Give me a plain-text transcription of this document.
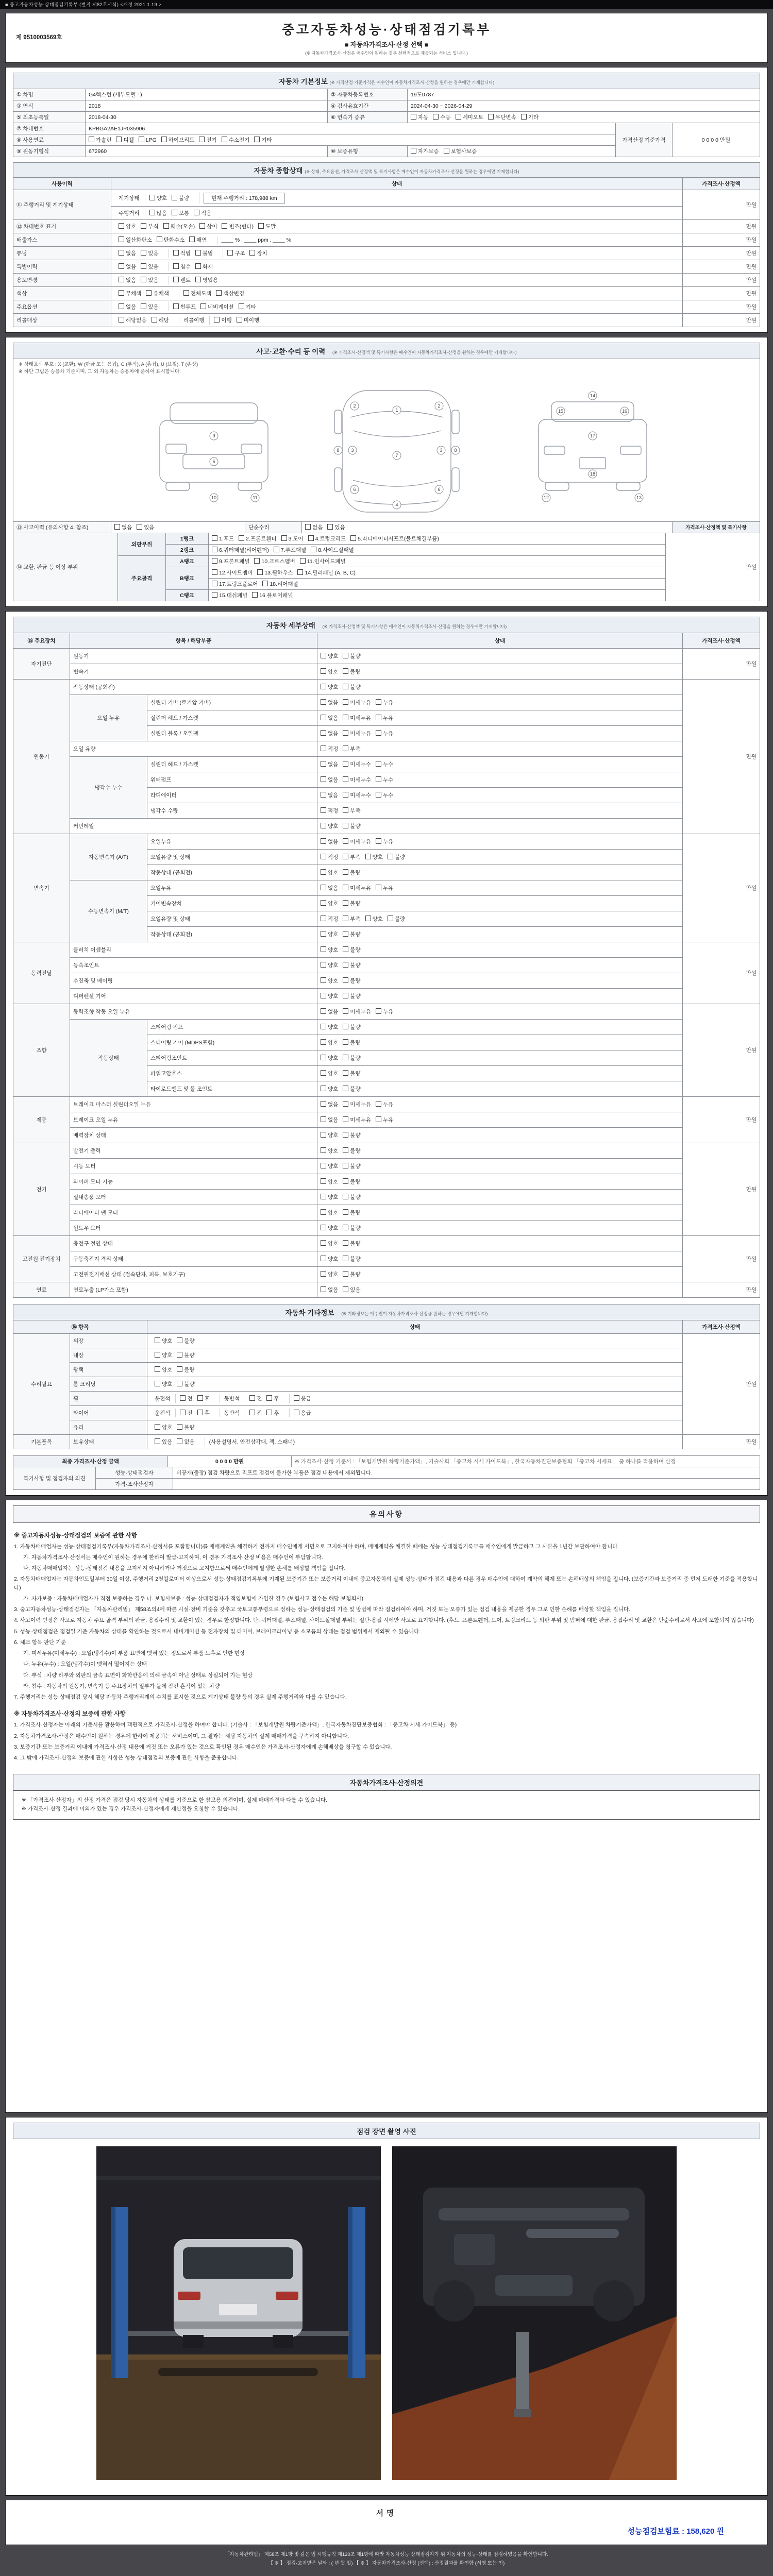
■ 중고자동차성능·상태점검기록부 (별지 제82호서식) <개정 2021.1.19.>
제 9510003569호
중고자동차성능·상태점검기록부
■ 자동차가격조사·산정 선택 ■
(※ 자동차가격조사·산정은 매수인이 원하는 경우 선택적으로 제공되는 서비스 입니다.)
자동차 기본정보 (※ 가격산정 기준가격은 매수인이 자동차가격조사·산정을 원하는 경우에만 기재합니다)					
① 차명	G4렉스턴 (세부모델 : )	② 자동차등록번호	19도0787		
③ 연식	2018	④ 검사유효기간	2024-04-30 ~ 2026-04-29		
⑤ 최초등록일	2018-04-30	⑥ 변속기 종류	자동 수동 세미오토 무단변속 기타		
⑦ 차대번호	KPBGA2AE1JP035906			가격산정 기준가격	0 0 0 0 만원
⑧ 사용연료	가솔린 디젤 LPG 하이브리드 전기 수소전기 기타				
⑨ 원동기형식	672960	⑩ 보증유형	자가보증 보험사보증		
자동차 종합상태 (※ 상태, 주요옵션, 가격조사·산정액 및 특기사항은 매수인이 자동차가격조사·산정을 원하는 경우에만 기재합니다)		
사용이력	상태	가격조사·산정액
⑪ 주행거리 및 계기상태	계기상태 양호 불량 현재 주행거리 : 178,988 km	만원
	주행거리 많음 보통 적음	
⑫ 차대번호 표기	양호 부식 훼손(오손) 상이 변조(변타) 도말	만원
배출가스	일산화탄소 탄화수소 매연 ____ % , ____ ppm , ____ %	만원
튜닝	없음 있음 적법 불법 구조 장치	만원
특별이력	없음 있음 침수 화재	만원
용도변경	없음 있음 렌트 영업용	만원
색상	무채색 유채색 전체도색 색상변경	만원
주요옵션	없음 있음 썬루프 네비게이션 기타	만원
리콜대상	해당없음 해당 리콜이행 이행 미이행	만원
사고·교환·수리 등 이력 (※ 가격조사·산정액 및 특기사항은 매수인이 자동차가격조사·산정을 원하는 경우에만 기재합니다)
※ 상태표시 부호 : X (교환), W (판금 또는 용접), C (부식), A (흠집), U (요철), T (손상)
※ 하단 그림은 승용차 기준이며, 그 외 자동차는 승용차에 준하여 표시합니다.
5
9
10	11
1
2	2
3	3
4
6	6
7
8	8
12	13
14
15	16
17
18
⑬ 사고이력 (유의사항 4. 참조)	없음 있음	단순수리	없음 있음	가격조사·산정액 및 특기사항
⑭ 교환, 판금 등 이상 부위	외판부위	1랭크	1.후드 2.프론트휀더 3.도어 4.트렁크리드 5.라디에이터서포트(볼트체결부품)	만원
		2랭크	6.쿼터패널(리어휀더) 7.루프패널 8.사이드실패널	
	주요골격	A랭크	9.프론트패널 10.크로스멤버 11.인사이드패널	
		B랭크	12.사이드멤버 13.휠하우스 14.필러패널 (A, B, C)	
			17.트렁크플로어 18.리어패널	
		C랭크	15.대쉬패널 16.플로어패널	
자동차 세부상태 (※ 가격조사·산정액 및 특기사항은 매수인이 자동차가격조사·산정을 원하는 경우에만 기재합니다)
⑮ 주요장치	항목 / 해당부품		상태	가격조사·산정액
자기진단	원동기		양호 불량	만원
	변속기		양호 불량	
원동기	작동상태 (공회전)		양호 불량	만원
	오일 누유	실린더 커버 (로커암 커버)	없음 미세누유 누유	
		실린더 헤드 / 가스켓	없음 미세누유 누유	
		실린더 블록 / 오일팬	없음 미세누유 누유	
	오일 유량		적정 부족	
	냉각수 누수	실린더 헤드 / 가스켓	없음 미세누수 누수	
		워터펌프	없음 미세누수 누수	
		라디에이터	없음 미세누수 누수	
		냉각수 수량	적정 부족	
	커먼레일		양호 불량	
변속기	자동변속기 (A/T)	오일누유	없음 미세누유 누유	만원
		오일유량 및 상태	적정 부족 양호 불량	
		작동상태 (공회전)	양호 불량	
	수동변속기 (M/T)	오일누유	없음 미세누유 누유	
		기어변속장치	양호 불량	
		오일유량 및 상태	적정 부족 양호 불량	
		작동상태 (공회전)	양호 불량	
동력전달	클러치 어셈블리		양호 불량	만원
	등속조인트		양호 불량	
	추진축 및 베어링		양호 불량	
	디퍼렌셜 기어		양호 불량	
조향	동력조향 작동 오일 누유		없음 미세누유 누유	만원
	작동상태	스티어링 펌프	양호 불량	
		스티어링 기어 (MDPS포함)	양호 불량	
		스티어링조인트	양호 불량	
		파워고압호스	양호 불량	
		타이로드엔드 및 볼 조인트	양호 불량	
제동	브레이크 마스터 실린더오일 누유		없음 미세누유 누유	만원
	브레이크 오일 누유		없음 미세누유 누유	
	배력장치 상태		양호 불량	
전기	발전기 출력		양호 불량	만원
	시동 모터		양호 불량	
	와이퍼 모터 기능		양호 불량	
	실내송풍 모터		양호 불량	
	라디에이터 팬 모터		양호 불량	
	윈도우 모터		양호 불량	
고전원 전기장치	충전구 절연 상태		양호 불량	만원
	구동축전지 격리 상태		양호 불량	
	고전원전기배선 상태 (접속단자, 피복, 보호기구)		양호 불량	
연료	연료누출 (LP가스 포함)		없음 있음	만원
자동차 기타정보 (※ 기타정보는 매수인이 자동차가격조사·산정을 원하는 경우에만 기재합니다)
⑯ 항목		상태	가격조사·산정액
수리필요	외장	양호 불량	만원
	내장	양호 불량	
	광택	양호 불량	
	룸 크리닝	양호 불량	
	휠	운전석 전 후 동반석 전 후 응급	
	타이어	운전석 전 후 동반석 전 후 응급	
	유리	양호 불량	
기본품목	보유상태	있음 없음 (사용설명서, 안전삼각대, 잭, 스패너)	만원
최종 가격조사·산정 금액	0 0 0 0 만원	※ 가격조사·산정 기준서 : 「보험개발원 차량기준가액」, 기술사회 「중고차 시세 가이드북」, 한국자동차진단보증협회 「중고차 시세표」 중 하나를 적용하여 산정
특기사항 및 점검자의 의견	성능·상태점검자	비공개(출장) 점검 차량으로 리프트 점검이 불가한 부품은 점검 내용에서 제외됩니다.
	가격·조사산정자	
유의사항
※ 중고자동차성능·상태점검의 보증에 관한 사항
1. 자동차매매업자는 성능·상태점검기록부(자동차가격조사·산정서를 포함합니다)를 매매계약을 체결하기 전까지 매수인에게 서면으로 고지하여야 하며, 매매계약을 체결한 때에는 성능·상태점검기록부를 매수인에게 발급하고 그 사본을 1년간 보관하여야 합니다.
가. 자동차가격조사·산정서는 매수인이 원하는 경우에 한하여 발급·고지하며, 이 경우 가격조사·산정 비용은 매수인이 부담합니다.
나. 자동차매매업자는 성능·상태점검 내용을 고지하지 아니하거나 거짓으로 고지함으로써 매수인에게 발생한 손해를 배상할 책임을 집니다.
2. 자동차매매업자는 자동차인도일부터 30일 이상, 주행거리 2천킬로미터 이상으로서 성능·상태점검기록부에 기재된 보증기간 또는 보증거리 이내에 중고자동차의 실제 성능·상태가 점검 내용과 다른 경우 매수인에 대하여 계약의 해제 또는 손해배상의 책임을 집니다. (보증기간과 보증거리 중 먼저 도래한 기준을 적용합니다)
가. 자가보증 : 자동차매매업자가 직접 보증하는 경우 나. 보험사보증 : 성능·상태점검자가 책임보험에 가입한 경우 (보험사고 접수는 해당 보험회사)
3. 중고자동차성능·상태점검자는 「자동차관리법」 제58조의4에 따른 시설·장비 기준을 갖추고 국토교통부령으로 정하는 성능·상태점검의 기준 및 방법에 따라 점검하여야 하며, 거짓 또는 오류가 있는 점검 내용을 제공한 경우 그로 인한 손해를 배상할 책임을 집니다.
4. 사고이력 인정은 사고로 자동차 주요 골격 부위의 판금, 용접수리 및 교환이 있는 경우로 한정합니다. 단, 쿼터패널, 루프패널, 사이드실패널 부위는 절단·용접 시에만 사고로 표기합니다. (후드, 프론트휀더, 도어, 트렁크리드 등 외판 부위 및 범퍼에 대한 판금, 용접수리 및 교환은 단순수리로서 사고에 포함되지 않습니다)
5. 성능·상태점검은 점검일 기준 자동차의 상태를 확인하는 것으로서 내비게이션 등 전자장치 및 타이어, 브레이크라이닝 등 소모품의 상태는 점검 범위에서 제외될 수 있습니다.
6. 체크 항목 판단 기준
가. 미세누유(미세누수) : 오일(냉각수)이 부품 표면에 맺혀 있는 정도로서 부품 노후로 인한 현상
나. 누유(누수) : 오일(냉각수)이 맺혀서 떨어지는 상태
다. 부식 : 차량 하부와 외판의 금속 표면이 화학반응에 의해 금속이 아닌 상태로 상실되어 가는 현상
라. 침수 : 자동차의 원동기, 변속기 등 주요장치의 일부가 물에 잠긴 흔적이 있는 차량
7. 주행거리는 성능·상태점검 당시 해당 자동차 주행거리계의 수치를 표시한 것으로 계기상태 불량 등의 경우 실제 주행거리와 다를 수 있습니다.
※ 자동차가격조사·산정의 보증에 관한 사항
1. 가격조사·산정자는 아래의 기준서를 활용하여 객관적으로 가격조사·산정을 하여야 합니다. (기술사 : 「보험개발원 차량기준가액」, 한국자동차진단보증협회 : 「중고차 시세 가이드북」 등)
2. 자동차가격조사·산정은 매수인이 원하는 경우에 한하여 제공되는 서비스이며, 그 결과는 해당 자동차의 실제 매매가격을 구속하지 아니합니다.
3. 보증기간 또는 보증거리 이내에 가격조사·산정 내용에 거짓 또는 오류가 있는 것으로 확인된 경우 매수인은 가격조사·산정자에게 손해배상을 청구할 수 있습니다.
4. 그 밖에 가격조사·산정의 보증에 관한 사항은 성능·상태점검의 보증에 관한 사항을 준용합니다.
자동차가격조사·산정의견
※ 「가격조사·산정자」의 산정 가격은 점검 당시 자동차의 상태를 기준으로 한 참고용 의견이며, 실제 매매가격과 다를 수 있습니다.
※ 가격조사·산정 결과에 이의가 있는 경우 가격조사·산정자에게 재산정을 요청할 수 있습니다.
점검 장면 촬영 사진
서명
성능점검보험료 : 158,620 원
「자동차관리법」 제58조 제1항 및 같은 법 시행규칙 제120조 제1항에 따라 자동차성능·상태점검자가 위 자동차의 성능·상태를 점검하였음을 확인합니다.
【 ※ 】 점검·고지받은 날짜 : ( 년 월 일) 【 ※ 】 자동차가격조사·산정 (선택) : 산정결과를 확인함 (서명 또는 인)
